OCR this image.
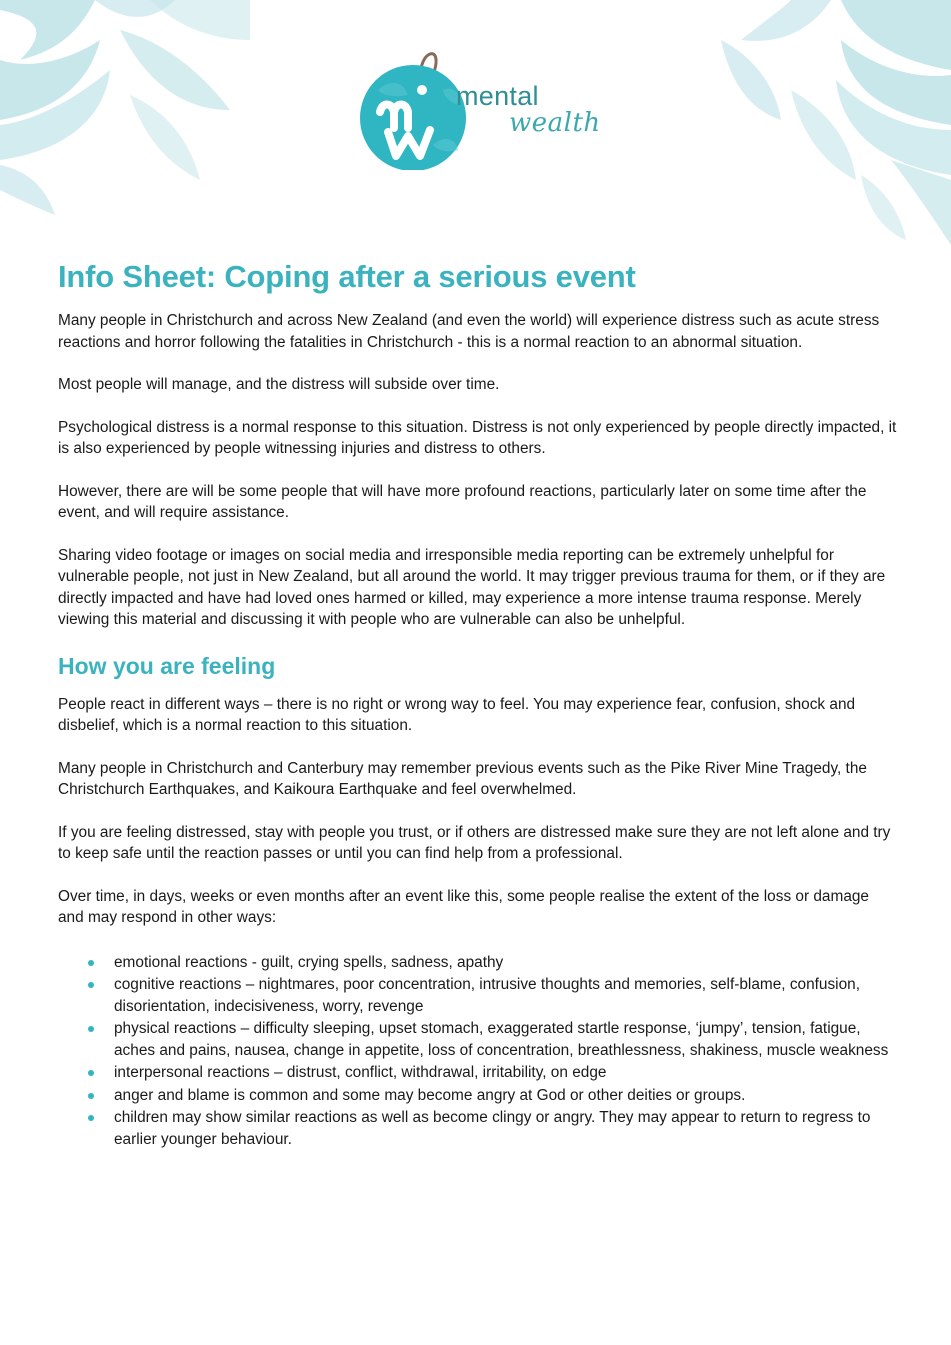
mental
wealth
Info Sheet: Coping after a serious event

Many people in Christchurch and across New Zealand (and even the world) will experience distress such as acute stress reactions and horror following the fatalities in Christchurch - this is a normal reaction to an abnormal situation.

Most people will manage, and the distress will subside over time.

Psychological distress is a normal response to this situation. Distress is not only experienced by people directly impacted, it is also experienced by people witnessing injuries and distress to others.

However, there are will be some people that will have more profound reactions, particularly later on some time after the event, and will require assistance.

Sharing video footage or images on social media and irresponsible media reporting can be extremely unhelpful for vulnerable people, not just in New Zealand, but all around the world. It may trigger previous trauma for them, or if they are directly impacted and have had loved ones harmed or killed, may experience a more intense trauma response. Merely viewing this material and discussing it with people who are vulnerable can also be unhelpful.

How you are feeling

People react in different ways – there is no right or wrong way to feel. You may experience fear, confusion, shock and disbelief, which is a normal reaction to this situation.

Many people in Christchurch and Canterbury may remember previous events such as the Pike River Mine Tragedy, the Christchurch Earthquakes, and Kaikoura Earthquake and feel overwhelmed.

If you are feeling distressed, stay with people you trust, or if others are distressed make sure they are not left alone and try to keep safe until the reaction passes or until you can find help from a professional.

Over time, in days, weeks or even months after an event like this, some people realise the extent of the loss or damage and may respond in other ways:

emotional reactions - guilt, crying spells, sadness, apathy
cognitive reactions – nightmares, poor concentration, intrusive thoughts and memories, self-blame, confusion, disorientation, indecisiveness, worry, revenge
physical reactions – difficulty sleeping, upset stomach, exaggerated startle response, ‘jumpy’, tension, fatigue, aches and pains, nausea, change in appetite, loss of concentration, breathlessness, shakiness, muscle weakness
interpersonal reactions – distrust, conflict, withdrawal, irritability, on edge
anger and blame is common and some may become angry at God or other deities or groups.
children may show similar reactions as well as become clingy or angry. They may appear to return to regress to earlier younger behaviour.
